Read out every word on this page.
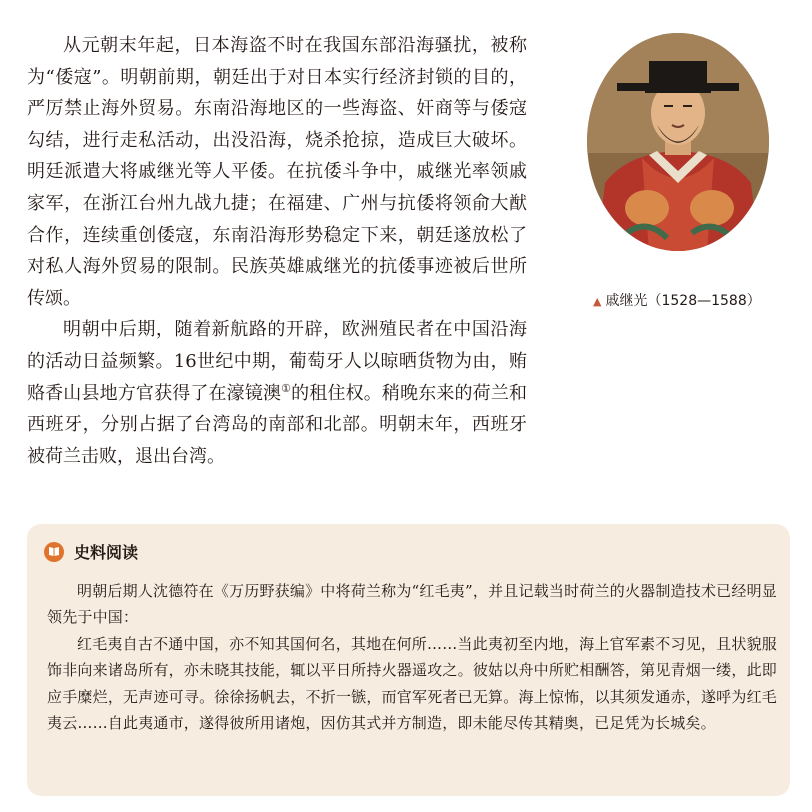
从元朝末年起，日本海盗不时在我国东部沿海骚扰，被称为“倭寇”。明朝前期，朝廷出于对日本实行经济封锁的目的，严厉禁止海外贸易。东南沿海地区的一些海盗、奸商等与倭寇勾结，进行走私活动，出没沿海，烧杀抢掠，造成巨大破坏。明廷派遣大将戚继光等人平倭。在抗倭斗争中，戚继光率领戚家军，在浙江台州九战九捷；在福建、广州与抗倭将领俞大猷合作，连续重创倭寇，东南沿海形势稳定下来，朝廷遂放松了对私人海外贸易的限制。民族英雄戚继光的抗倭事迹被后世所传颂。

明朝中后期，随着新航路的开辟，欧洲殖民者在中国沿海的活动日益频繁。16世纪中期，葡萄牙人以晾晒货物为由，贿赂香山县地方官获得了在濠镜澳①的租住权。稍晚东来的荷兰和西班牙，分别占据了台湾岛的南部和北部。明朝末年，西班牙被荷兰击败，退出台湾。

▲ 戚继光（1528—1588）
史料阅读

明朝后期人沈德符在《万历野获编》中将荷兰称为“红毛夷”，并且记载当时荷兰的火器制造技术已经明显领先于中国：

红毛夷自古不通中国，亦不知其国何名，其地在何所……当此夷初至内地，海上官军素不习见，且状貌服饰非向来诸岛所有，亦未晓其技能，辄以平日所持火器遥攻之。彼姑以舟中所贮相酬答，第见青烟一缕，此即应手糜烂，无声迹可寻。徐徐扬帆去，不折一镞，而官军死者已无算。海上惊怖，以其须发通赤，遂呼为红毛夷云……自此夷通市，遂得彼所用诸炮，因仿其式并方制造，即未能尽传其精奥，已足凭为长城矣。
